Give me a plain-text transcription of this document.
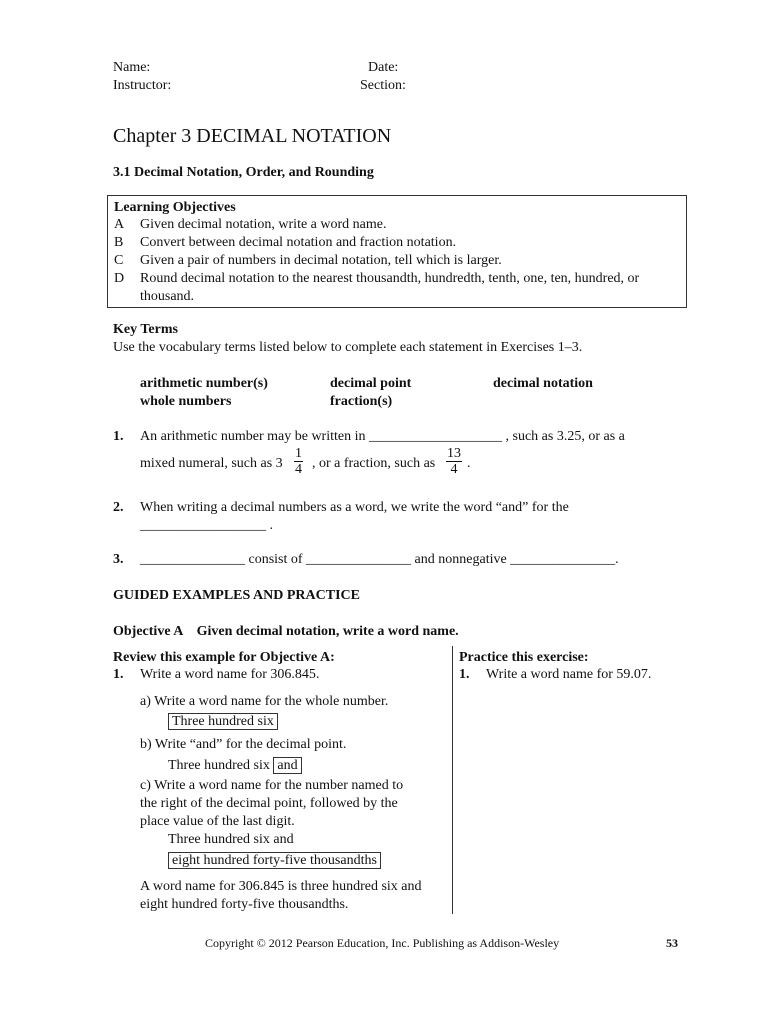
Name:
Instructor:
Date:
Section:
Chapter 3 DECIMAL NOTATION
3.1 Decimal Notation, Order, and Rounding
Learning Objectives
A Given decimal notation, write a word name.
B Convert between decimal notation and fraction notation.
C Given a pair of numbers in decimal notation, tell which is larger.
D Round decimal notation to the nearest thousandth, hundredth, tenth, one, ten, hundred, or
thousand.
Key Terms
Use the vocabulary terms listed below to complete each statement in Exercises 1–3.
arithmetic number(s)	decimal point	decimal notation
whole numbers	fraction(s)
1. An arithmetic number may be written in ___________________ , such as 3.25, or as a
mixed numeral, such as $3 \frac{1}{4}$ , or a fraction, such as $\frac{13}{4}$ .
2. When writing a decimal numbers as a word, we write the word “and” for the
__________________ .
3. _______________ consist of _______________ and nonnegative _______________.
GUIDED EXAMPLES AND PRACTICE
Objective A    Given decimal notation, write a word name.
Review this example for Objective A:
1. Write a word name for 306.845.
a) Write a word name for the whole number.
Three hundred six
b) Write “and” for the decimal point.
Three hundred six and
c) Write a word name for the number named to
the right of the decimal point, followed by the
place value of the last digit.
Three hundred six and
eight hundred forty-five thousandths
A word name for 306.845 is three hundred six and
eight hundred forty-five thousandths.
Practice this exercise:
1. Write a word name for 59.07.
Copyright © 2012 Pearson Education, Inc. Publishing as Addison-Wesley	53
